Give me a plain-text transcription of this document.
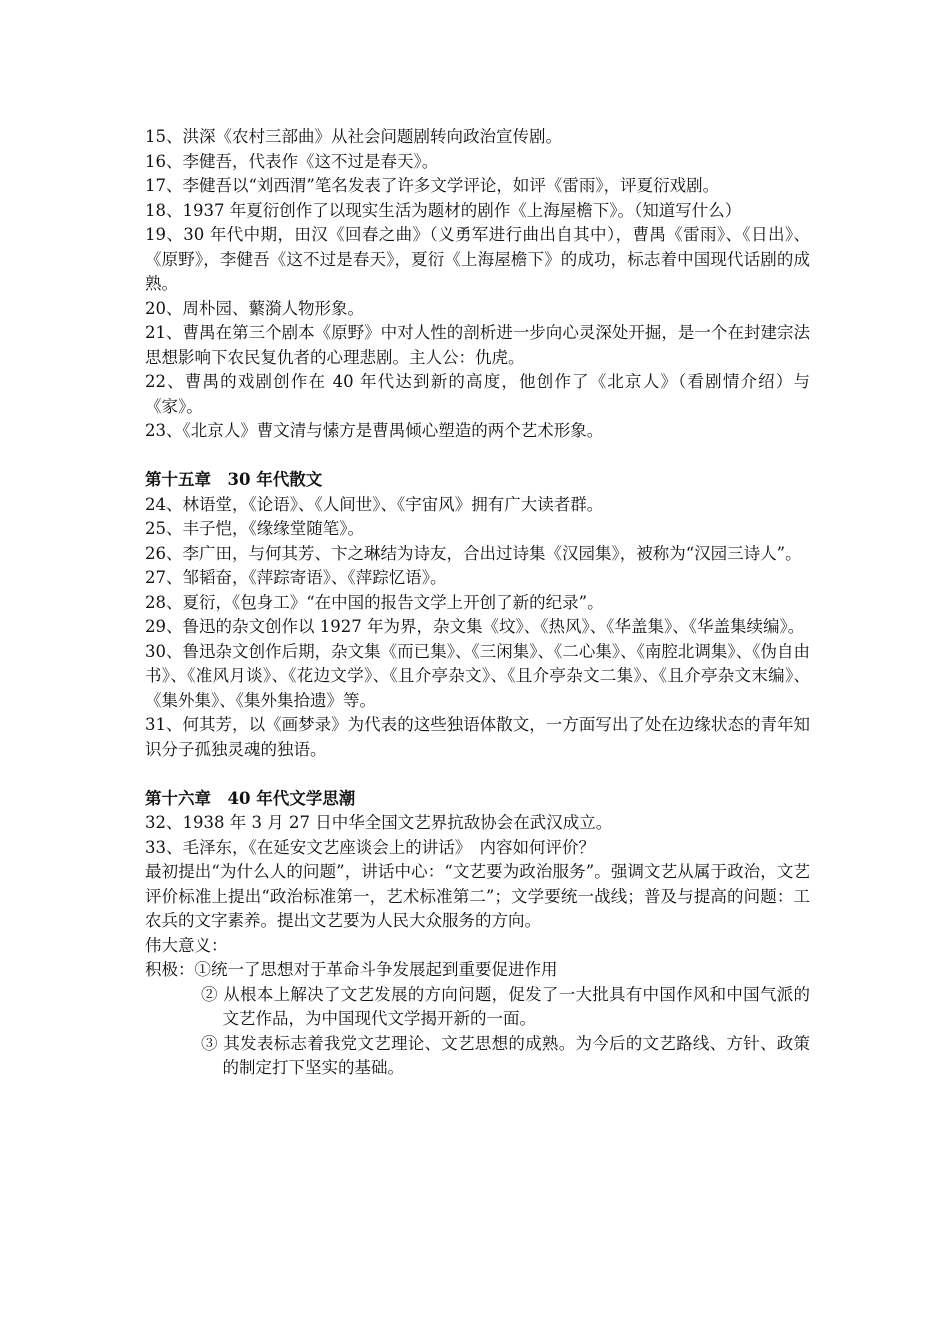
15、洪深《农村三部曲》从社会问题剧转向政治宣传剧。

16、李健吾，代表作《这不过是春天》。

17、李健吾以“刘西渭”笔名发表了许多文学评论，如评《雷雨》，评夏衍戏剧。

18、1937 年夏衍创作了以现实生活为题材的剧作《上海屋檐下》。（知道写什么）

19、30 年代中期，田汉《回春之曲》（义勇军进行曲出自其中），曹禺《雷雨》、《日出》、《原野》，李健吾《这不过是春天》，夏衍《上海屋檐下》的成功，标志着中国现代话剧的成熟。

20、周朴园、蘩漪人物形象。

21、曹禺在第三个剧本《原野》中对人性的剖析进一步向心灵深处开掘，是一个在封建宗法思想影响下农民复仇者的心理悲剧。主人公：仇虎。

22、曹禺的戏剧创作在 40 年代达到新的高度，他创作了《北京人》（看剧情介绍）与《家》。

23、《北京人》曹文清与愫方是曹禺倾心塑造的两个艺术形象。

第十五章　30 年代散文

24、林语堂，《论语》、《人间世》、《宇宙风》拥有广大读者群。

25、丰子恺，《缘缘堂随笔》。

26、李广田，与何其芳、卞之琳结为诗友，合出过诗集《汉园集》，被称为“汉园三诗人”。

27、邹韬奋，《萍踪寄语》、《萍踪忆语》。

28、夏衍，《包身工》“在中国的报告文学上开创了新的纪录”。

29、鲁迅的杂文创作以 1927 年为界，杂文集《坟》、《热风》、《华盖集》、《华盖集续编》。

30、鲁迅杂文创作后期，杂文集《而已集》、《三闲集》、《二心集》、《南腔北调集》、《伪自由书》、《准风月谈》、《花边文学》、《且介亭杂文》、《且介亭杂文二集》、《且介亭杂文末编》、《集外集》、《集外集拾遗》等。

31、何其芳，以《画梦录》为代表的这些独语体散文，一方面写出了处在边缘状态的青年知识分子孤独灵魂的独语。

第十六章　40 年代文学思潮

32、1938 年 3 月 27 日中华全国文艺界抗敌协会在武汉成立。

33、毛泽东，《在延安文艺座谈会上的讲话》　内容如何评价？

最初提出“为什么人的问题”，讲话中心：“文艺要为政治服务”。强调文艺从属于政治，文艺评价标准上提出“政治标准第一，艺术标准第二”；文学要统一战线；普及与提高的问题：工农兵的文字素养。提出文艺要为人民大众服务的方向。

伟大意义：

积极：①统一了思想对于革命斗争发展起到重要促进作用

② 从根本上解决了文艺发展的方向问题，促发了一大批具有中国作风和中国气派的文艺作品，为中国现代文学揭开新的一面。

③ 其发表标志着我党文艺理论、文艺思想的成熟。为今后的文艺路线、方针、政策的制定打下坚实的基础。
